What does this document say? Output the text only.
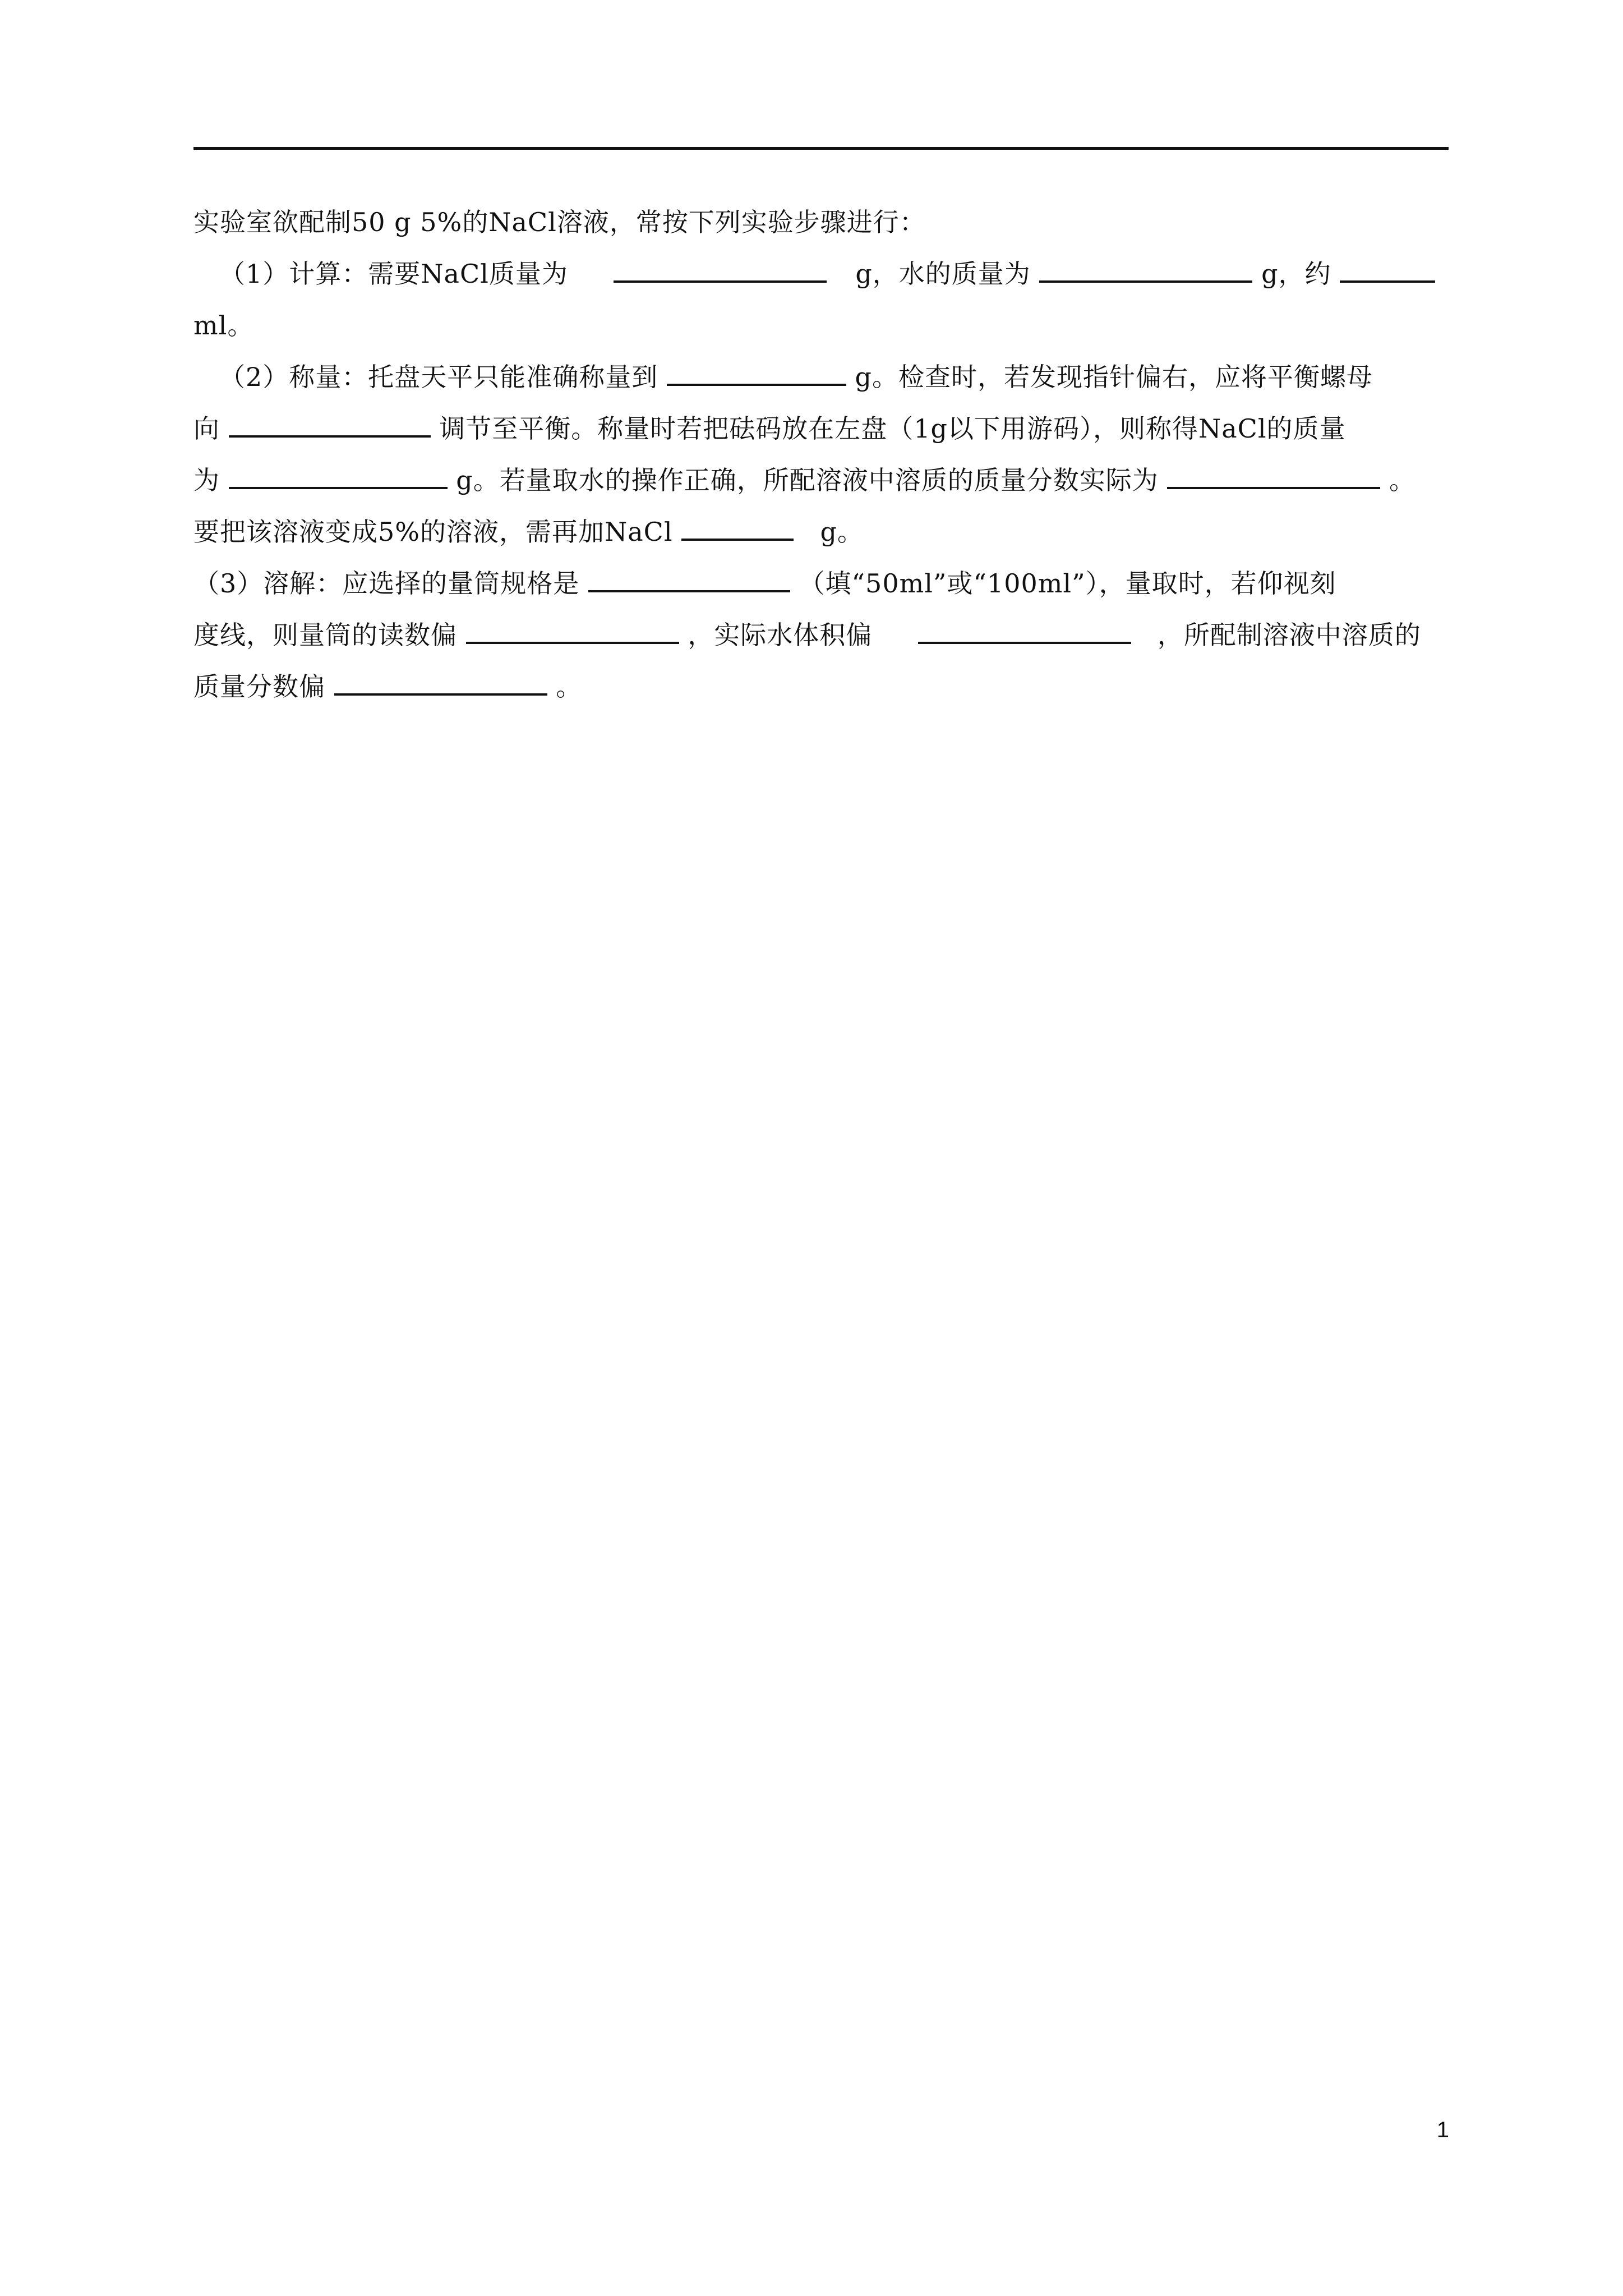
实验室欲配制50 g 5%的NaCl溶液，常按下列实验步骤进行：
（1）计算：需要NaCl质量为	g，水的质量为	g，约
ml。
（2）称量：托盘天平只能准确称量到	g。检查时，若发现指针偏右，应将平衡螺母
向	调节至平衡。称量时若把砝码放在左盘（1g以下用游码），则称得NaCl的质量
为	g。若量取水的操作正确，所配溶液中溶质的质量分数实际为	。
要把该溶液变成5%的溶液，需再加NaCl	g。
（3）溶解：应选择的量筒规格是	（填“50ml”或“100ml”），量取时，若仰视刻
度线，则量筒的读数偏	，实际水体积偏	，所配制溶液中溶质的
质量分数偏	。
1
